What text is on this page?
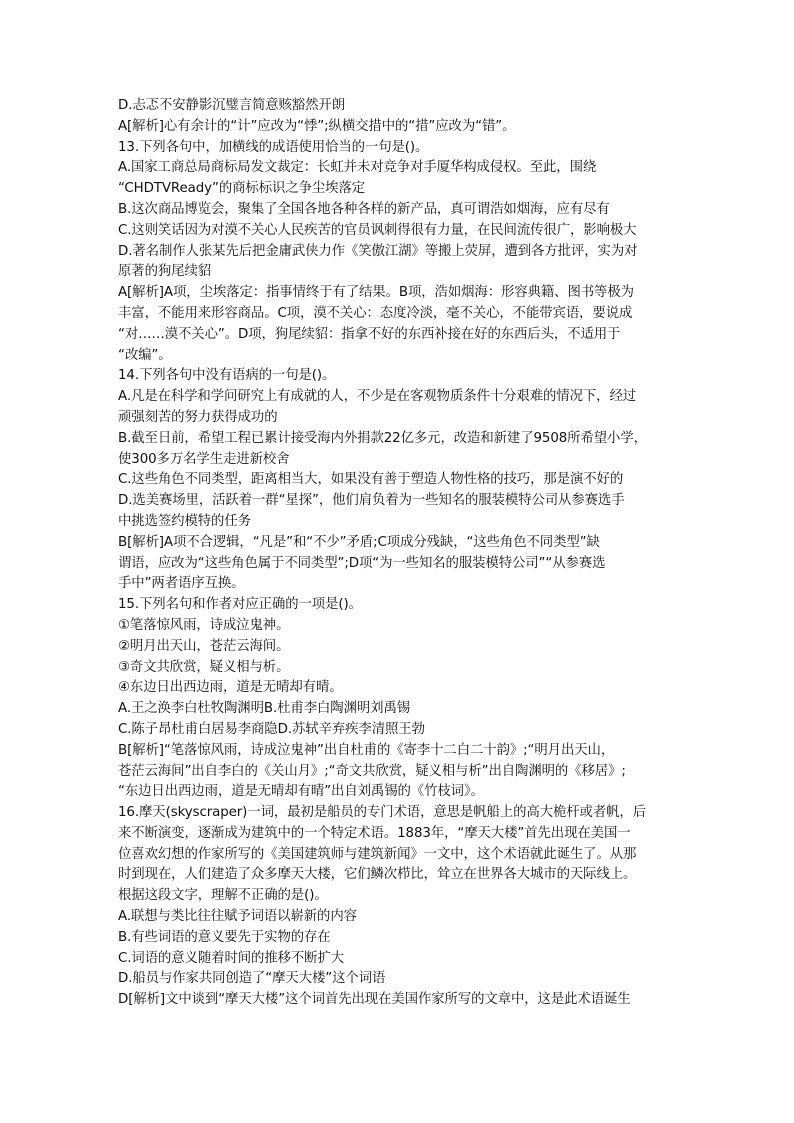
D.忐忑不安静影沉璧言简意赅豁然开朗
A[解析]心有余计的“计”应改为“悸”;纵横交措中的“措”应改为“错”。
13.下列各句中，加横线的成语使用恰当的一句是()。
A.国家工商总局商标局发文裁定：长虹并未对竞争对手厦华构成侵权。至此，围绕
“CHDTVReady”的商标标识之争尘埃落定
B.这次商品博览会，聚集了全国各地各种各样的新产品，真可谓浩如烟海，应有尽有
C.这则笑话因为对漠不关心人民疾苦的官员讽刺得很有力量，在民间流传很广，影响极大
D.著名制作人张某先后把金庸武侠力作《笑傲江湖》等搬上荧屏，遭到各方批评，实为对
原著的狗尾续貂
A[解析]A项，尘埃落定：指事情终于有了结果。B项，浩如烟海：形容典籍、图书等极为
丰富，不能用来形容商品。C项，漠不关心：态度冷淡，毫不关心，不能带宾语，要说成
“对……漠不关心”。D项，狗尾续貂：指拿不好的东西补接在好的东西后头，不适用于
“改编”。
14.下列各句中没有语病的一句是()。
A.凡是在科学和学问研究上有成就的人，不少是在客观物质条件十分艰难的情况下，经过
顽强刻苦的努力获得成功的
B.截至日前，希望工程已累计接受海内外捐款22亿多元，改造和新建了9508所希望小学，
使300多万名学生走进新校舍
C.这些角色不同类型，距离相当大，如果没有善于塑造人物性格的技巧，那是演不好的
D.选美赛场里，活跃着一群“星探”，他们肩负着为一些知名的服装模特公司从参赛选手
中挑选签约模特的任务
B[解析]A项不合逻辑，“凡是”和“不少”矛盾;C项成分残缺，“这些角色不同类型”缺
谓语，应改为“这些角色属于不同类型”;D项“为一些知名的服装模特公司”“从参赛选
手中”两者语序互换。
15.下列名句和作者对应正确的一项是()。
①笔落惊风雨，诗成泣鬼神。
②明月出天山，苍茫云海间。
③奇文共欣赏，疑义相与析。
④东边日出西边雨，道是无晴却有晴。
A.王之涣李白杜牧陶渊明B.杜甫李白陶渊明刘禹锡
C.陈子昂杜甫白居易李商隐D.苏轼辛弃疾李清照王勃
B[解析]“笔落惊风雨，诗成泣鬼神”出自杜甫的《寄李十二白二十韵》;“明月出天山，
苍茫云海间”出自李白的《关山月》;“奇文共欣赏，疑义相与析”出自陶渊明的《移居》;
“东边日出西边雨，道是无晴却有晴”出自刘禹锡的《竹枝词》。
16.摩天(skyscraper)一词，最初是船员的专门术语，意思是帆船上的高大桅杆或者帆，后
来不断演变，逐渐成为建筑中的一个特定术语。1883年，“摩天大楼”首先出现在美国一
位喜欢幻想的作家所写的《美国建筑师与建筑新闻》一文中，这个术语就此诞生了。从那
时到现在，人们建造了众多摩天大楼，它们鳞次栉比，耸立在世界各大城市的天际线上。
根据这段文字，理解不正确的是()。
A.联想与类比往往赋予词语以崭新的内容
B.有些词语的意义要先于实物的存在
C.词语的意义随着时间的推移不断扩大
D.船员与作家共同创造了“摩天大楼”这个词语
D[解析]文中谈到“摩天大楼”这个词首先出现在美国作家所写的文章中，这是此术语诞生
